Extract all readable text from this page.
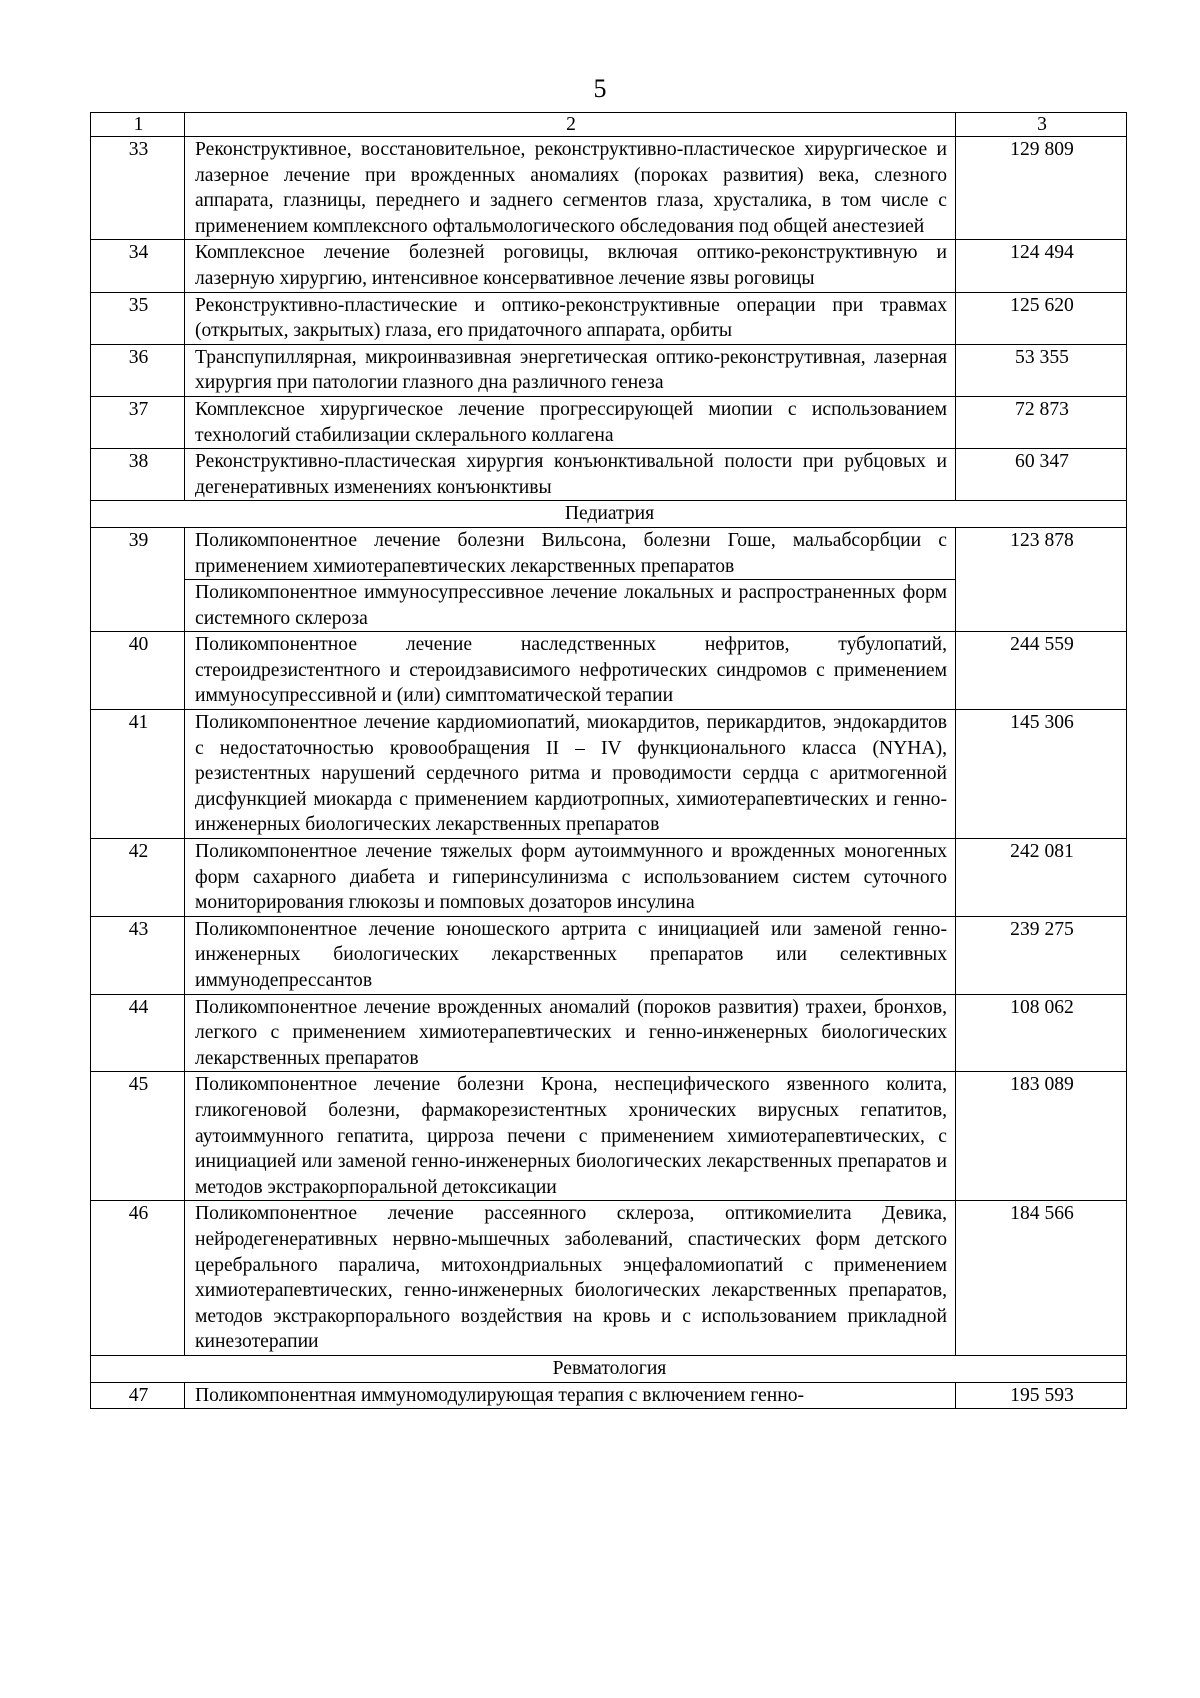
5
1	2	3
33	Реконструктивное, восстановительное, реконструктивно-пластическое хирургическое и лазерное лечение при врожденных аномалиях (пороках развития) века, слезного аппарата, глазницы, переднего и заднего сегментов глаза, хрусталика, в том числе с применением комплексного офтальмологического обследования под общей анестезией	129 809
34	Комплексное лечение болезней роговицы, включая оптико-реконструктивную и лазерную хирургию, интенсивное консервативное лечение язвы роговицы	124 494
35	Реконструктивно-пластические и оптико-реконструктивные операции при травмах (открытых, закрытых) глаза, его придаточного аппарата, орбиты	125 620
36	Транспупиллярная, микроинвазивная энергетическая оптико-реконструтивная, лазерная хирургия при патологии глазного дна различного генеза	53 355
37	Комплексное хирургическое лечение прогрессирующей миопии с использованием технологий стабилизации склерального коллагена	72 873
38	Реконструктивно-пластическая хирургия конъюнктивальной полости при рубцовых и дегенеративных изменениях конъюнктивы	60 347
Педиатрия		
39	Поликомпонентное лечение болезни Вильсона, болезни Гоше, мальабсорбции с применением химиотерапевтических лекарственных препаратов	123 878
	Поликомпонентное иммуносупрессивное лечение локальных и распространенных форм системного склероза	
40	Поликомпонентное лечение наследственных нефритов, тубулопатий, стероидрезистентного и стероидзависимого нефротических синдромов с применением иммуносупрессивной и (или) симптоматической терапии	244 559
41	Поликомпонентное лечение кардиомиопатий, миокардитов, перикардитов, эндокардитов с недостаточностью кровообращения II – IV функционального класса (NYHA), резистентных нарушений сердечного ритма и проводимости сердца с аритмогенной дисфункцией миокарда с применением кардиотропных, химиотерапевтических и генно-инженерных биологических лекарственных препаратов	145 306
42	Поликомпонентное лечение тяжелых форм аутоиммунного и врожденных моногенных форм сахарного диабета и гиперинсулинизма с использованием систем суточного мониторирования глюкозы и помповых дозаторов инсулина	242 081
43	Поликомпонентное лечение юношеского артрита с инициацией или заменой генно-инженерных биологических лекарственных препаратов или селективных иммунодепрессантов	239 275
44	Поликомпонентное лечение врожденных аномалий (пороков развития) трахеи, бронхов, легкого с применением химиотерапевтических и генно-инженерных биологических лекарственных препаратов	108 062
45	Поликомпонентное лечение болезни Крона, неспецифического язвенного колита, гликогеновой болезни, фармакорезистентных хронических вирусных гепатитов, аутоиммунного гепатита, цирроза печени с применением химиотерапевтических, с инициацией или заменой генно-инженерных биологических лекарственных препаратов и методов экстракорпоральной детоксикации	183 089
46	Поликомпонентное лечение рассеянного склероза, оптикомиелита Девика, нейродегенеративных нервно-мышечных заболеваний, спастических форм детского церебрального паралича, митохондриальных энцефаломиопатий с применением химиотерапевтических, генно-инженерных биологических лекарственных препаратов, методов экстракорпорального воздействия на кровь и с использованием прикладной кинезотерапии	184 566
Ревматология		
47	Поликомпонентная иммуномодулирующая терапия с включением генно-	195 593
